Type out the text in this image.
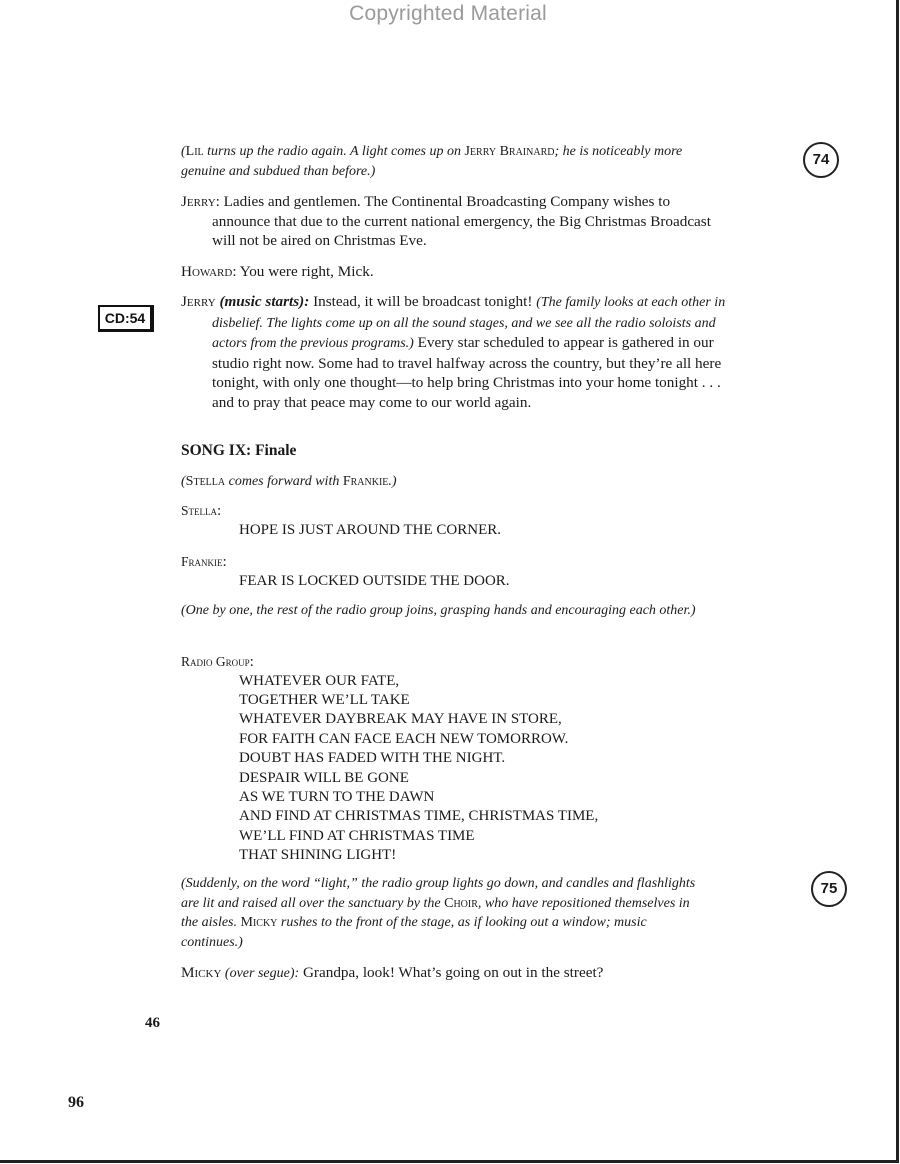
Copyrighted Material
74
75
CD:54
(Lil turns up the radio again. A light comes up on Jerry Brainard; he is noticeably more genuine and subdued than before.)
Jerry: Ladies and gentlemen. The Continental Broadcasting Company wishes to announce that due to the current national emergency, the Big Christmas Broadcast will not be aired on Christmas Eve.
Howard: You were right, Mick.
Jerry (music starts): Instead, it will be broadcast tonight! (The family looks at each other in disbelief. The lights come up on all the sound stages, and we see all the radio soloists and actors from the previous programs.) Every star scheduled to appear is gathered in our studio right now. Some had to travel halfway across the country, but they’re all here tonight, with only one thought—to help bring Christmas into your home tonight . . . and to pray that peace may come to our world again.
SONG IX: Finale
(Stella comes forward with Frankie.)
Stella:
HOPE IS JUST AROUND THE CORNER.
Frankie:
FEAR IS LOCKED OUTSIDE THE DOOR.
(One by one, the rest of the radio group joins, grasping hands and encouraging each other.)
Radio Group:
WHATEVER OUR FATE,
TOGETHER WE’LL TAKE
WHATEVER DAYBREAK MAY HAVE IN STORE,
FOR FAITH CAN FACE EACH NEW TOMORROW.
DOUBT HAS FADED WITH THE NIGHT.
DESPAIR WILL BE GONE
AS WE TURN TO THE DAWN
AND FIND AT CHRISTMAS TIME, CHRISTMAS TIME,
WE’LL FIND AT CHRISTMAS TIME
THAT SHINING LIGHT!
(Suddenly, on the word “light,” the radio group lights go down, and candles and flashlights are lit and raised all over the sanctuary by the Choir, who have repositioned themselves in the aisles. Micky rushes to the front of the stage, as if looking out a window; music continues.)
Micky (over segue): Grandpa, look! What’s going on out in the street?
46
96
